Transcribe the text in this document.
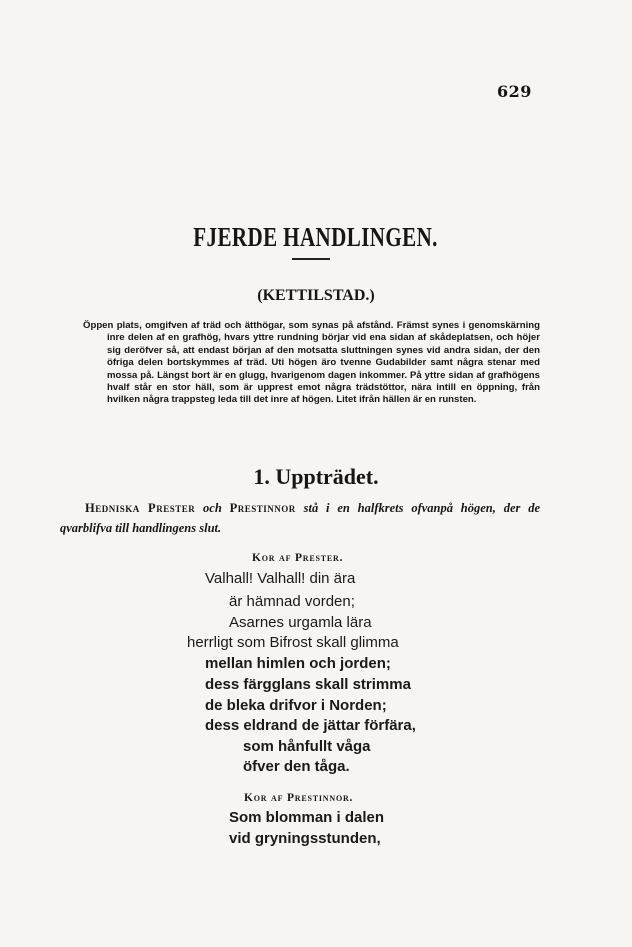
629
FJERDE HANDLINGEN.
(KETTILSTAD.)
Öppen plats, omgifven af träd och ätthögar, som synas på afstånd. Främst synes i genomskärning inre delen af en grafhög, hvars yttre rundning börjar vid ena sidan af skådeplatsen, och höjer sig deröfver så, att endast början af den motsatta sluttningen synes vid andra sidan, der den öfriga delen bortskymmes af träd. Uti högen äro tvenne Gudabilder samt några stenar med mossa på. Längst bort är en glugg, hvarigenom dagen inkommer. På yttre sidan af grafhögens hvalf står en stor häll, som är upprest emot några trädstöttor, nära intill en öppning, från hvilken några trappsteg leda till det inre af högen. Litet ifrån hällen är en runsten.
1. Uppträdet.
Hedniska Prester och Prestinnor stå i en halfkrets ofvanpå högen, der de qvarblifva till handlingens slut.
Kor af Prester.
Valhall! Valhall! din ära
är hämnad vorden;
Asarnes urgamla lära
herrligt som Bifrost skall glimma
mellan himlen och jorden;
dess färgglans skall strimma
de bleka drifvor i Norden;
dess eldrand de jättar förfära,
som hånfullt våga
öfver den tåga.
Kor af Prestinnor.
Som blomman i dalen
vid gryningsstunden,
